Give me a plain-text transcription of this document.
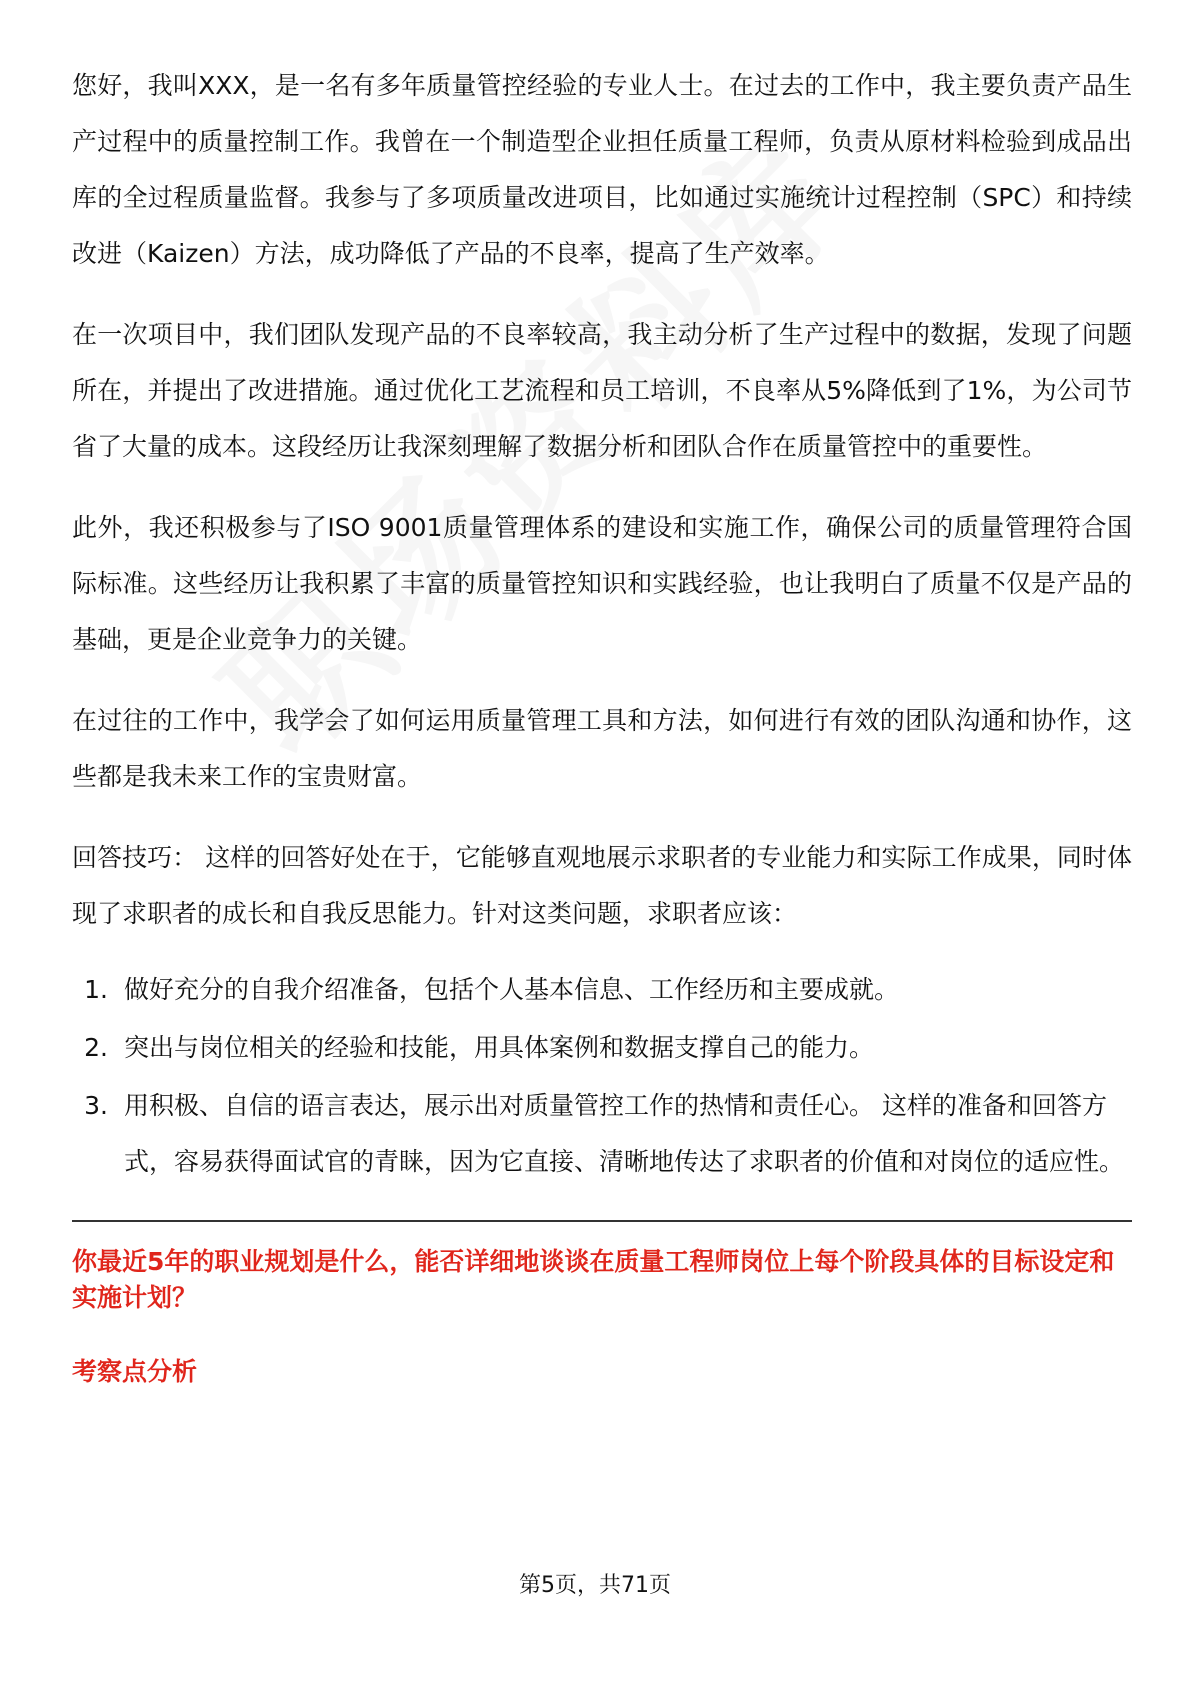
您好，我叫XXX，是一名有多年质量管控经验的专业人士。在过去的工作中，我主要负责产品生产过程中的质量控制工作。我曾在一个制造型企业担任质量工程师，负责从原材料检验到成品出库的全过程质量监督。我参与了多项质量改进项目，比如通过实施统计过程控制（SPC）和持续改进（Kaizen）方法，成功降低了产品的不良率，提高了生产效率。

在一次项目中，我们团队发现产品的不良率较高，我主动分析了生产过程中的数据，发现了问题所在，并提出了改进措施。通过优化工艺流程和员工培训，不良率从5%降低到了1%，为公司节省了大量的成本。这段经历让我深刻理解了数据分析和团队合作在质量管控中的重要性。

此外，我还积极参与了ISO 9001质量管理体系的建设和实施工作，确保公司的质量管理符合国际标准。这些经历让我积累了丰富的质量管控知识和实践经验，也让我明白了质量不仅是产品的基础，更是企业竞争力的关键。

在过往的工作中，我学会了如何运用质量管理工具和方法，如何进行有效的团队沟通和协作，这些都是我未来工作的宝贵财富。

回答技巧： 这样的回答好处在于，它能够直观地展示求职者的专业能力和实际工作成果，同时体现了求职者的成长和自我反思能力。针对这类问题，求职者应该：

1. 做好充分的自我介绍准备，包括个人基本信息、工作经历和主要成就。
2. 突出与岗位相关的经验和技能，用具体案例和数据支撑自己的能力。
3. 用积极、自信的语言表达，展示出对质量管控工作的热情和责任心。 这样的准备和回答方式，容易获得面试官的青睐，因为它直接、清晰地传达了求职者的价值和对岗位的适应性。

你最近5年的职业规划是什么，能否详细地谈谈在质量工程师岗位上每个阶段具体的目标设定和实施计划？

考察点分析

第5页，共71页
